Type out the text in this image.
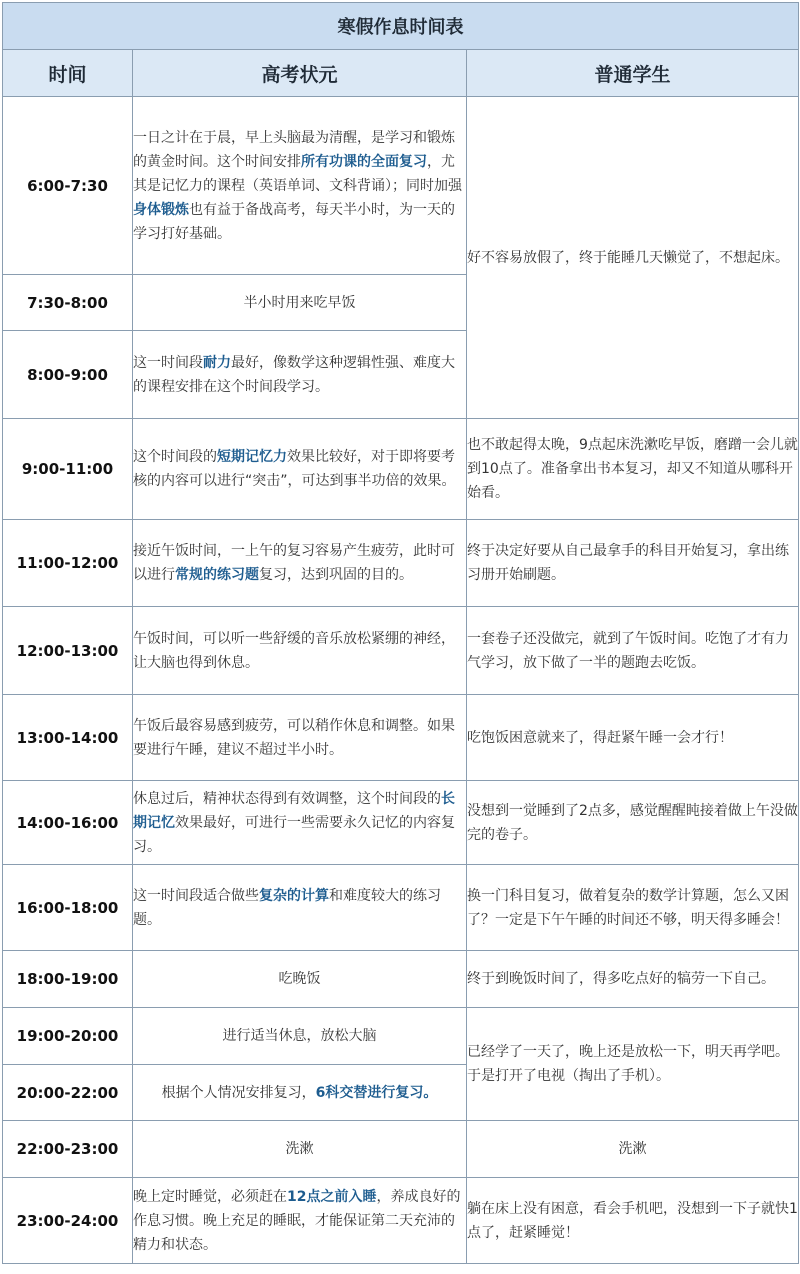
寒假作息时间表		
时间	高考状元	普通学生
6:00-7:30	一日之计在于晨，早上头脑最为清醒，是学习和锻炼的黄金时间。这个时间安排所有功课的全面复习，尤其是记忆力的课程（英语单词、文科背诵）；同时加强身体锻炼也有益于备战高考，每天半小时，为一天的学习打好基础。	好不容易放假了，终于能睡几天懒觉了，不想起床。
7:30-8:00	半小时用来吃早饭	
8:00-9:00	这一时间段耐力最好，像数学这种逻辑性强、难度大的课程安排在这个时间段学习。	
9:00-11:00	这个时间段的短期记忆力效果比较好，对于即将要考核的内容可以进行“突击”，可达到事半功倍的效果。	也不敢起得太晚，9点起床洗漱吃早饭，磨蹭一会儿就到10点了。准备拿出书本复习，却又不知道从哪科开始看。
11:00-12:00	接近午饭时间，一上午的复习容易产生疲劳，此时可以进行常规的练习题复习，达到巩固的目的。	终于决定好要从自己最拿手的科目开始复习，拿出练习册开始刷题。
12:00-13:00	午饭时间，可以听一些舒缓的音乐放松紧绷的神经，让大脑也得到休息。	一套卷子还没做完，就到了午饭时间。吃饱了才有力气学习，放下做了一半的题跑去吃饭。
13:00-14:00	午饭后最容易感到疲劳，可以稍作休息和调整。如果要进行午睡，建议不超过半小时。	吃饱饭困意就来了，得赶紧午睡一会才行！
14:00-16:00	休息过后，精神状态得到有效调整，这个时间段的长期记忆效果最好，可进行一些需要永久记忆的内容复习。	没想到一觉睡到了2点多，感觉醒醒盹接着做上午没做完的卷子。
16:00-18:00	这一时间段适合做些复杂的计算和难度较大的练习题。	换一门科目复习，做着复杂的数学计算题，怎么又困了？一定是下午午睡的时间还不够，明天得多睡会！
18:00-19:00	吃晚饭	终于到晚饭时间了，得多吃点好的犒劳一下自己。
19:00-20:00	进行适当休息，放松大脑	已经学了一天了，晚上还是放松一下，明天再学吧。于是打开了电视（掏出了手机）。
20:00-22:00	根据个人情况安排复习，6科交替进行复习。	
22:00-23:00	洗漱	洗漱
23:00-24:00	晚上定时睡觉，必须赶在12点之前入睡，养成良好的作息习惯。晚上充足的睡眠，才能保证第二天充沛的精力和状态。	躺在床上没有困意，看会手机吧，没想到一下子就快1点了，赶紧睡觉！
